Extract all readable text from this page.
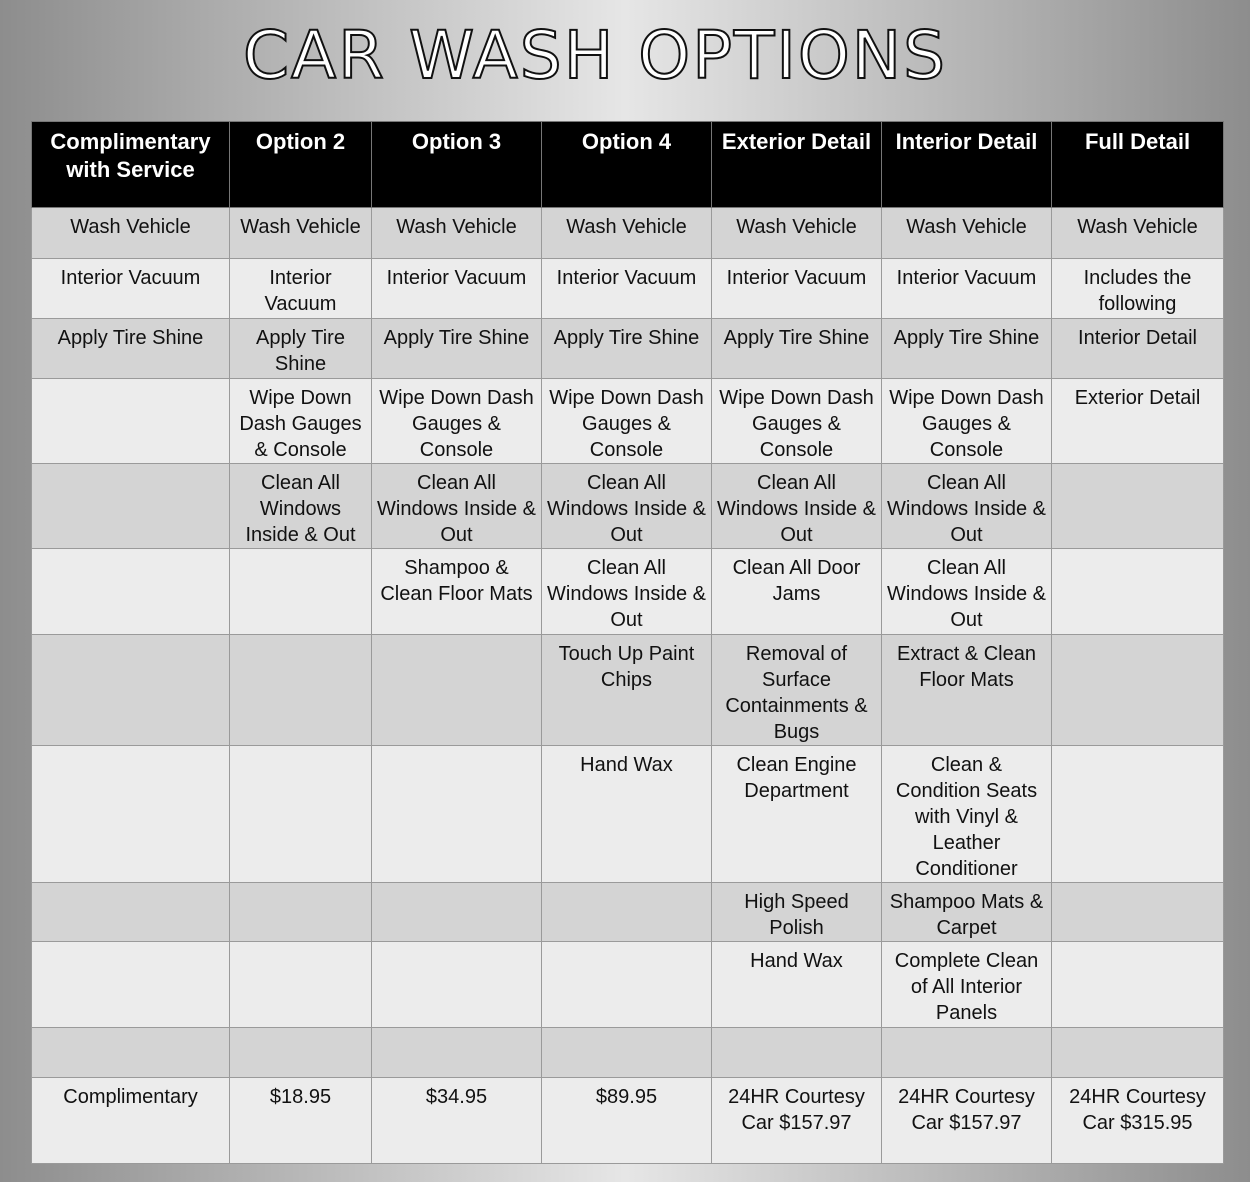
CAR WASH OPTIONS
Complimentary with Service	Option 2	Option 3	Option 4	Exterior Detail	Interior Detail	Full Detail
Wash Vehicle	Wash Vehicle	Wash Vehicle	Wash Vehicle	Wash Vehicle	Wash Vehicle	Wash Vehicle
Interior Vacuum	Interior Vacuum	Interior Vacuum	Interior Vacuum	Interior Vacuum	Interior Vacuum	Includes the following
Apply Tire Shine	Apply Tire Shine	Apply Tire Shine	Apply Tire Shine	Apply Tire Shine	Apply Tire Shine	Interior Detail
	Wipe Down Dash Gauges & Console	Wipe Down Dash Gauges & Console	Wipe Down Dash Gauges & Console	Wipe Down Dash Gauges & Console	Wipe Down Dash Gauges & Console	Exterior Detail
	Clean All Windows Inside & Out	Clean All Windows Inside & Out	Clean All Windows Inside & Out	Clean All Windows Inside & Out	Clean All Windows Inside & Out	
		Shampoo & Clean Floor Mats	Clean All Windows Inside & Out	Clean All Door Jams	Clean All Windows Inside & Out	
			Touch Up Paint Chips	Removal of Surface Containments & Bugs	Extract & Clean Floor Mats	
			Hand Wax	Clean Engine Department	Clean & Condition Seats with Vinyl & Leather Conditioner	
				High Speed Polish	Shampoo Mats & Carpet	
				Hand Wax	Complete Clean of All Interior Panels	

Complimentary	$18.95	$34.95	$89.95	24HR Courtesy Car $157.97	24HR Courtesy Car $157.97	24HR Courtesy Car $315.95
